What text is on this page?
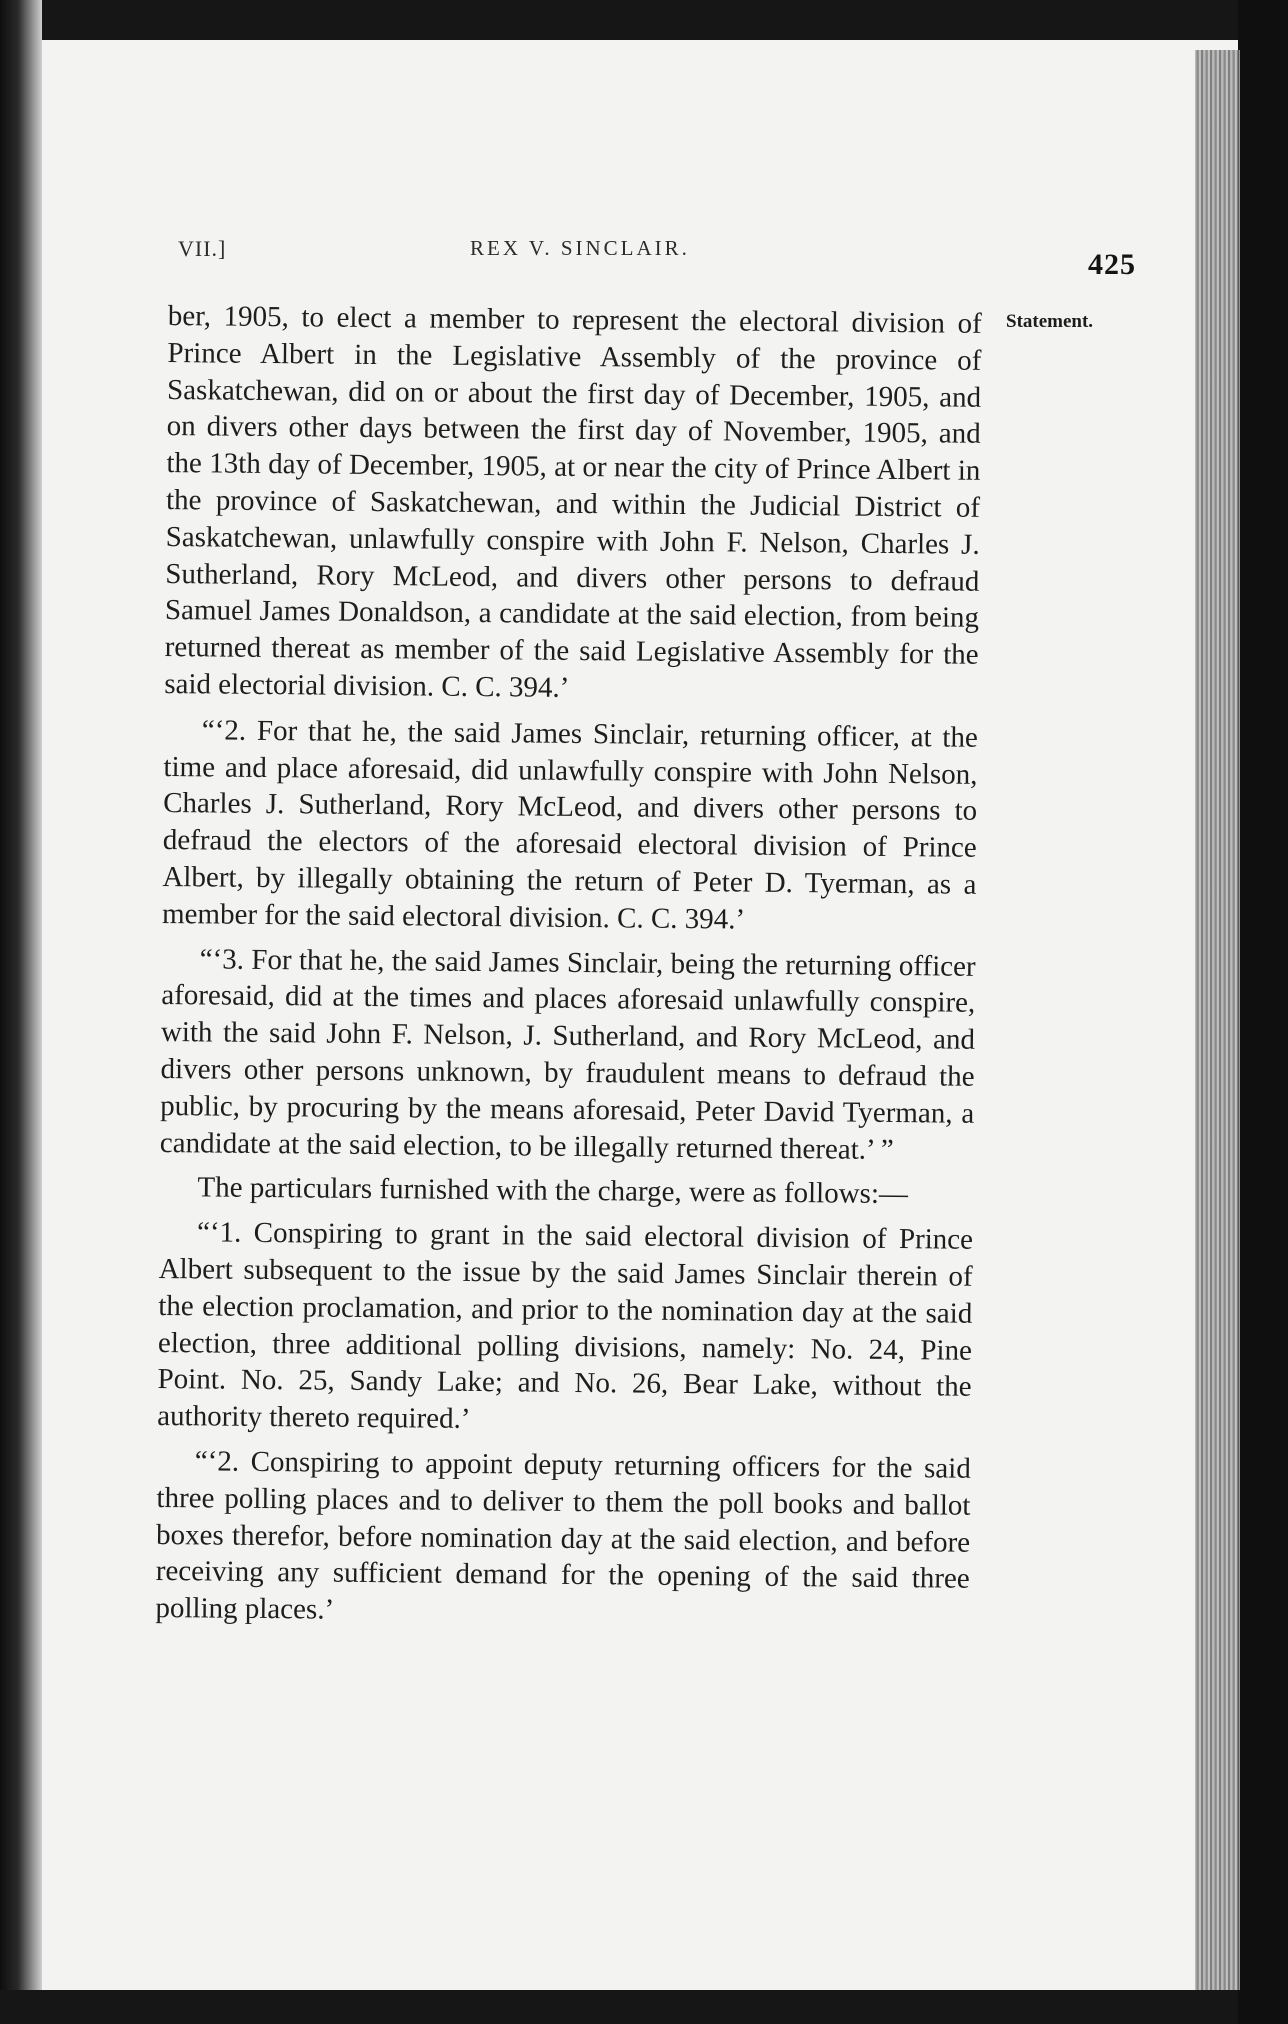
VII.]	REX V. SINCLAIR.	425
Statement.

ber, 1905, to elect a member to represent the electoral division of Prince Albert in the Legislative Assembly of the province of Saskatchewan, did on or about the first day of December, 1905, and on divers other days between the first day of November, 1905, and the 13th day of December, 1905, at or near the city of Prince Albert in the province of Saskatchewan, and within the Judicial District of Saskatchewan, unlawfully conspire with John F. Nelson, Charles J. Sutherland, Rory McLeod, and divers other persons to defraud Samuel James Donaldson, a candidate at the said election, from being returned thereat as member of the said Legislative Assembly for the said electorial division. C. C. 394.’

“‘2. For that he, the said James Sinclair, returning officer, at the time and place aforesaid, did unlawfully conspire with John Nelson, Charles J. Sutherland, Rory McLeod, and divers other persons to defraud the electors of the aforesaid electoral division of Prince Albert, by illegally obtaining the return of Peter D. Tyerman, as a member for the said electoral division. C. C. 394.’

“‘3. For that he, the said James Sinclair, being the returning officer aforesaid, did at the times and places aforesaid unlawfully conspire, with the said John F. Nelson, J. Sutherland, and Rory McLeod, and divers other persons unknown, by fraudulent means to defraud the public, by procuring by the means aforesaid, Peter David Tyerman, a candidate at the said election, to be illegally returned thereat.’ ”

The particulars furnished with the charge, were as follows:—

“‘1. Conspiring to grant in the said electoral division of Prince Albert subsequent to the issue by the said James Sinclair therein of the election proclamation, and prior to the nomination day at the said election, three additional polling divisions, namely: No. 24, Pine Point. No. 25, Sandy Lake; and No. 26, Bear Lake, without the authority thereto required.’

“‘2. Conspiring to appoint deputy returning officers for the said three polling places and to deliver to them the poll books and ballot boxes therefor, before nomination day at the said election, and before receiving any sufficient demand for the opening of the said three polling places.’
